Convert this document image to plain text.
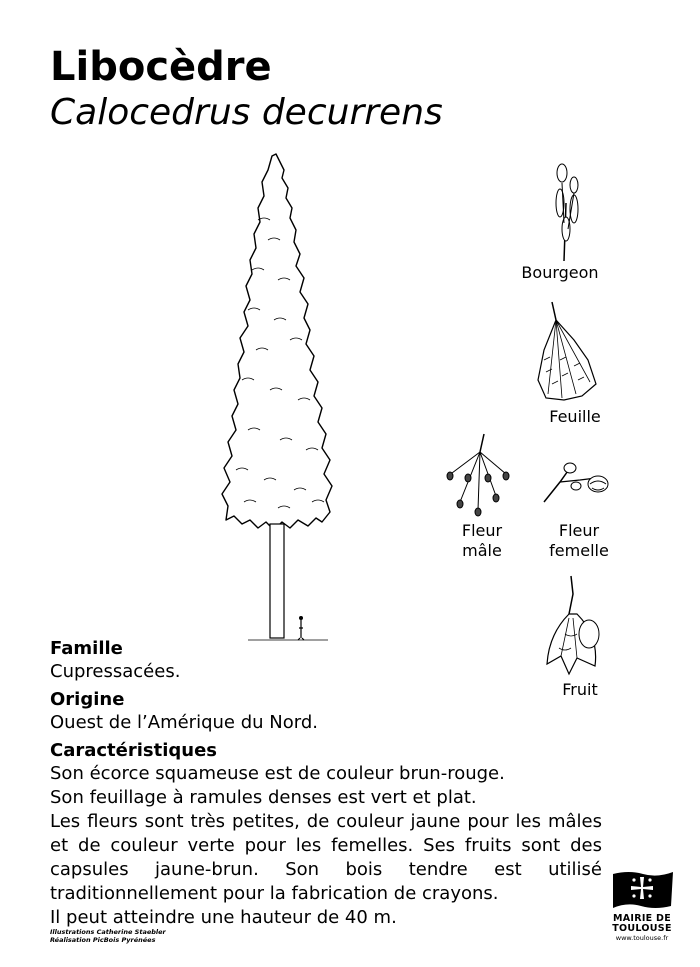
Libocèdre
Calocedrus decurrens
Bourgeon
Feuille
Fleur
mâle
Fleur
femelle
Fruit
Famille
Cupressacées.
Origine
Ouest de l’Amérique du Nord.
Caractéristiques
Son écorce squameuse est de couleur brun-rouge.
Son feuillage à ramules denses est vert et plat.
Les fleurs sont très petites, de couleur jaune pour les mâles et de couleur verte pour les femelles. Ses fruits sont des capsules jaune-brun. Son bois tendre est utilisé traditionnellement pour la fabrication de crayons.
Il peut atteindre une hauteur de 40 m.
Illustrations Catherine Staebler
Réalisation PicBois Pyrénées
MAIRIE DE
TOULOUSE
www.toulouse.fr
